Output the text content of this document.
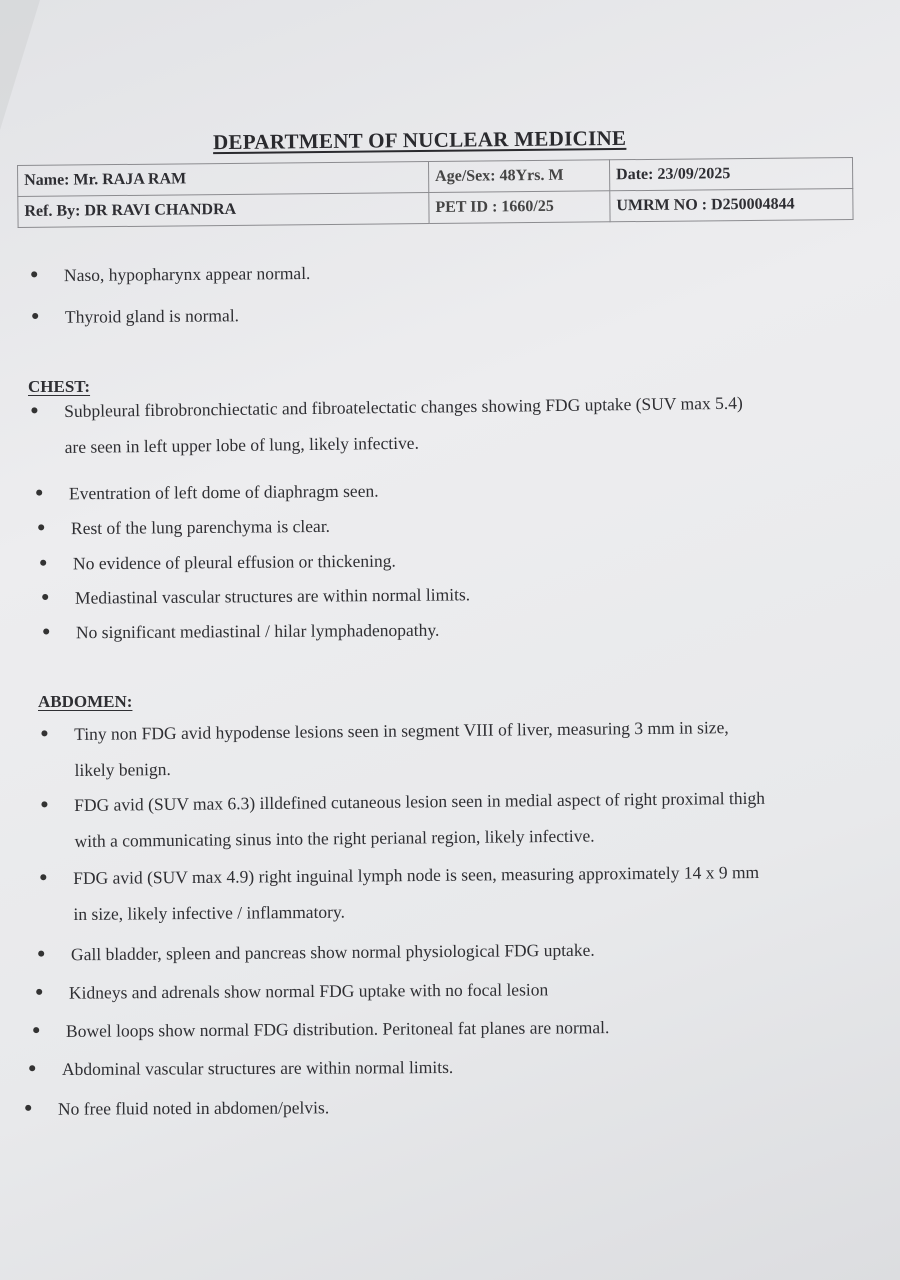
DEPARTMENT OF NUCLEAR MEDICINE
Name: Mr. RAJA RAM	Age/Sex: 48Yrs. M	Date: 23/09/2025
Ref. By: DR RAVI CHANDRA	PET ID : 1660/25	UMRM NO : D250004844
● Naso, hypopharynx appear normal.
● Thyroid gland is normal.
CHEST:
● Subpleural fibrobronchiectatic and fibroatelectatic changes showing FDG uptake (SUV max 5.4)
are seen in left upper lobe of lung, likely infective.
● Eventration of left dome of diaphragm seen.
● Rest of the lung parenchyma is clear.
● No evidence of pleural effusion or thickening.
● Mediastinal vascular structures are within normal limits.
● No significant mediastinal / hilar lymphadenopathy.
ABDOMEN:
● Tiny non FDG avid hypodense lesions seen in segment VIII of liver, measuring 3 mm in size,
likely benign.
● FDG avid (SUV max 6.3) illdefined cutaneous lesion seen in medial aspect of right proximal thigh
with a communicating sinus into the right perianal region, likely infective.
● FDG avid (SUV max 4.9) right inguinal lymph node is seen, measuring approximately 14 x 9 mm
in size, likely infective / inflammatory.
● Gall bladder, spleen and pancreas show normal physiological FDG uptake.
● Kidneys and adrenals show normal FDG uptake with no focal lesion
● Bowel loops show normal FDG distribution. Peritoneal fat planes are normal.
● Abdominal vascular structures are within normal limits.
● No free fluid noted in abdomen/pelvis.
